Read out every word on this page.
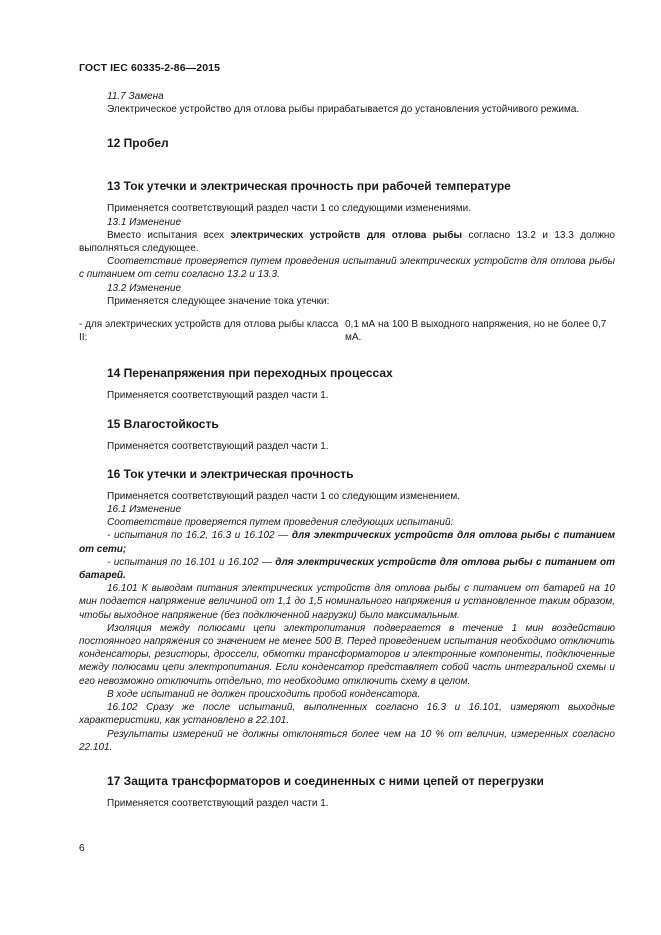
ГОСТ IEC 60335-2-86—2015

11.7 Замена

Электрическое устройство для отлова рыбы прирабатывается до установления устойчивого режима.

12 Пробел

13 Ток утечки и электрическая прочность при рабочей температуре

Применяется соответствующий раздел части 1 со следующими изменениями.

13.1 Изменение

Вместо испытания всех электрических устройств для отлова рыбы согласно 13.2 и 13.3 должно выполняться следующее.

Соответствие проверяется путем проведения испытаний электрических устройств для отлова рыбы с питанием от сети согласно 13.2 и 13.3.

13.2 Изменение

Применяется следующее значение тока утечки:

- для электрических устройств для отлова рыбы класса II:
0,1 мА на 100 В выходного напряжения, но не более 0,7 мА.

14 Перенапряжения при переходных процессах

Применяется соответствующий раздел части 1.

15 Влагостойкость

Применяется соответствующий раздел части 1.

16 Ток утечки и электрическая прочность

Применяется соответствующий раздел части 1 со следующим изменением.

16.1 Изменение

Соответствие проверяется путем проведения следующих испытаний:

- испытания по 16.2, 16.3 и 16.102 — для электрических устройств для отлова рыбы с питанием от сети;

- испытания по 16.101 и 16.102 — для электрических устройств для отлова рыбы с питанием от батарей.

16.101 К выводам питания электрических устройств для отлова рыбы с питанием от батарей на 10 мин подается напряжение величиной от 1,1 до 1,5 номинального напряжения и установленное таким образом, чтобы выходное напряжение (без подключенной нагрузки) было максимальным.

Изоляция между полюсами цепи электропитания подвергается в течение 1 мин воздействию постоянного напряжения со значением не менее 500 В. Перед проведением испытания необходимо отключить конденсаторы, резисторы, дроссели, обмотки трансформаторов и электронные компоненты, подключенные между полюсами цепи электропитания. Если конденсатор представляет собой часть интегральной схемы и его невозможно отключить отдельно, то необходимо отключить схему в целом.

В ходе испытаний не должен происходить пробой конденсатора.

16.102 Сразу же после испытаний, выполненных согласно 16.3 и 16.101, измеряют выходные характеристики, как установлено в 22.101.

Результаты измерений не должны отклоняться более чем на 10 % от величин, измеренных согласно 22.101.

17 Защита трансформаторов и соединенных с ними цепей от перегрузки

Применяется соответствующий раздел части 1.

6
